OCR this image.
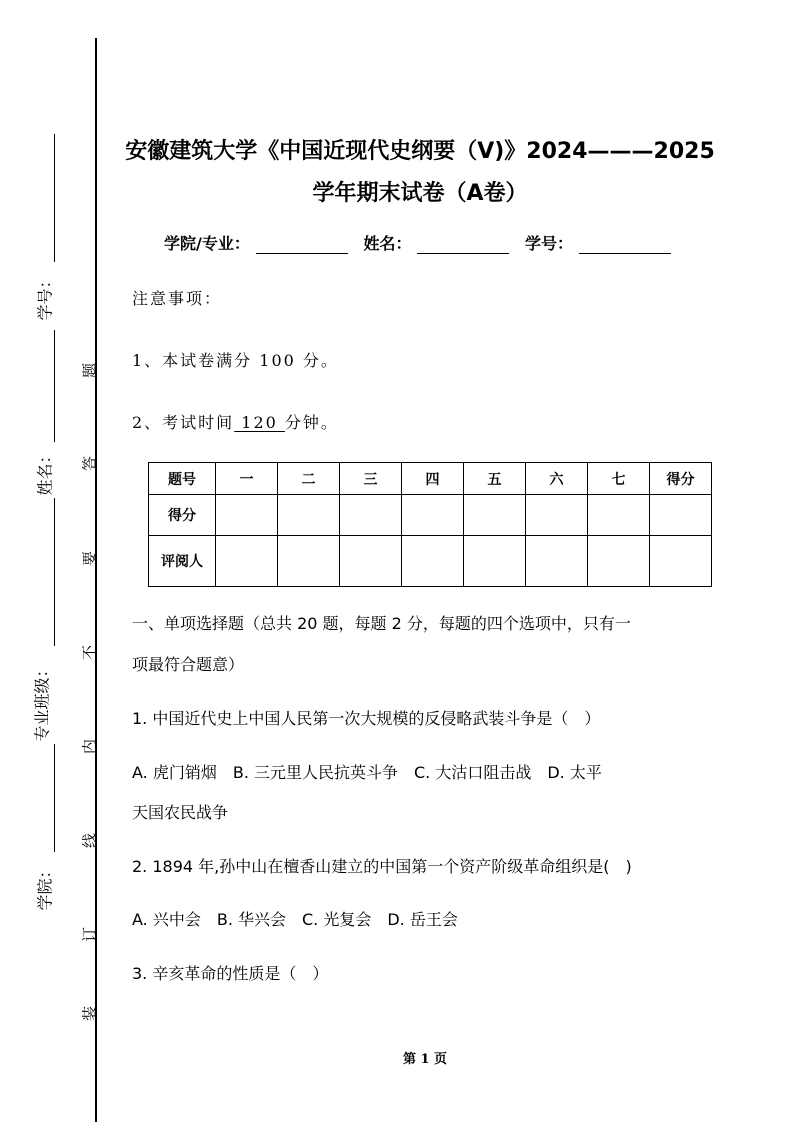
学号：
姓名：
专业班级：
学院：
题
答
要
不
内
线
订
装
安徽建筑大学《中国近现代史纲要（V)》2024———2025
学年期末试卷（A卷）
学院/专业：	姓名：	学号：
注意事项：
1、本试卷满分 100 分。
2、考试时间 120 分钟。
题号	一	二	三	四	五	六	七	得分
得分								
评阅人								
一、单项选择题（总共 20 题，每题 2 分，每题的四个选项中，只有一
项最符合题意）
1. 中国近代史上中国人民第一次大规模的反侵略武装斗争是（　）
A. 虎门销烟　B. 三元里人民抗英斗争　C. 大沽口阻击战　D. 太平
天国农民战争
2. 1894 年,孙中山在檀香山建立的中国第一个资产阶级革命组织是(　)
A. 兴中会　B. 华兴会　C. 光复会　D. 岳王会
3. 辛亥革命的性质是（　）
第 1 页
